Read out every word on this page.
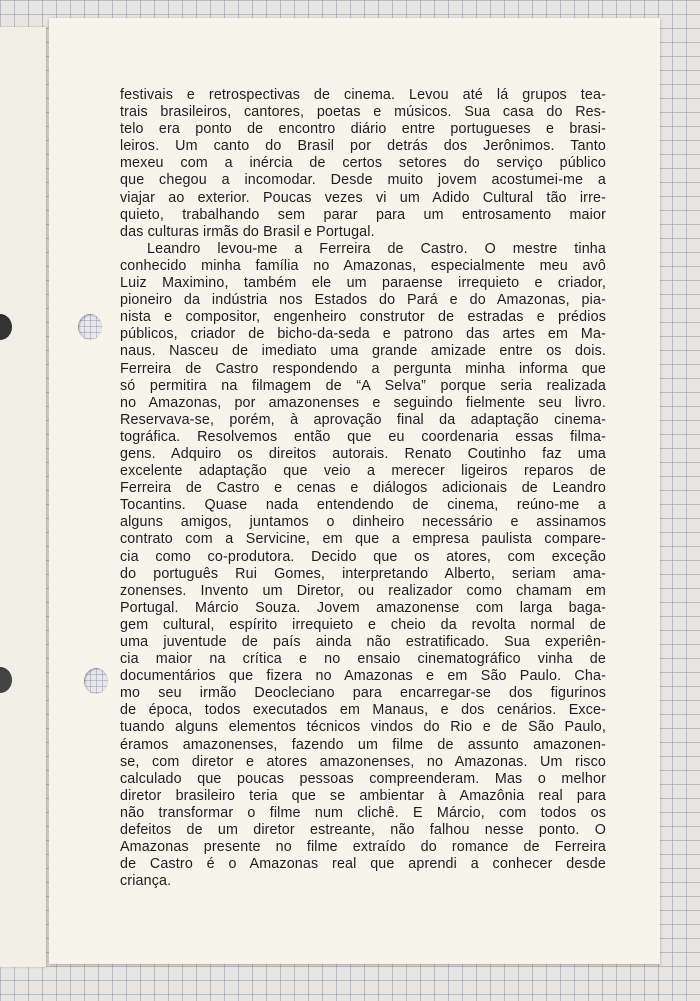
festivais e retrospectivas de cinema. Levou até lá grupos tea-
trais brasileiros, cantores, poetas e músicos. Sua casa do Res-
telo era ponto de encontro diário entre portugueses e brasi-
leiros. Um canto do Brasil por detrás dos Jerônimos. Tanto
mexeu com a inércia de certos setores do serviço público
que chegou a incomodar. Desde muito jovem acostumei-me a
viajar ao exterior. Poucas vezes vi um Adido Cultural tão irre-
quieto, trabalhando sem parar para um entrosamento maior
das culturas irmãs do Brasil e Portugal.

Leandro levou-me a Ferreira de Castro. O mestre tinha
conhecido minha família no Amazonas, especialmente meu avô
Luiz Maximino, também ele um paraense irrequieto e criador,
pioneiro da indústria nos Estados do Pará e do Amazonas, pia-
nista e compositor, engenheiro construtor de estradas e prédios
públicos, criador de bicho-da-seda e patrono das artes em Ma-
naus. Nasceu de imediato uma grande amizade entre os dois.
Ferreira de Castro respondendo a pergunta minha informa que
só permitira na filmagem de “A Selva” porque seria realizada
no Amazonas, por amazonenses e seguindo fielmente seu livro.
Reservava-se, porém, à aprovação final da adaptação cinema-
tográfica. Resolvemos então que eu coordenaria essas filma-
gens. Adquiro os direitos autorais. Renato Coutinho faz uma
excelente adaptação que veio a merecer ligeiros reparos de
Ferreira de Castro e cenas e diálogos adicionais de Leandro
Tocantins. Quase nada entendendo de cinema, reúno-me a
alguns amigos, juntamos o dinheiro necessário e assinamos
contrato com a Servicine, em que a empresa paulista compare-
cia como co-produtora. Decido que os atores, com exceção
do português Rui Gomes, interpretando Alberto, seriam ama-
zonenses. Invento um Diretor, ou realizador como chamam em
Portugal. Márcio Souza. Jovem amazonense com larga baga-
gem cultural, espírito irrequieto e cheio da revolta normal de
uma juventude de país ainda não estratificado. Sua experiên-
cia maior na crítica e no ensaio cinematográfico vinha de
documentários que fizera no Amazonas e em São Paulo. Cha-
mo seu irmão Deocleciano para encarregar-se dos figurinos
de época, todos executados em Manaus, e dos cenários. Exce-
tuando alguns elementos técnicos vindos do Rio e de São Paulo,
éramos amazonenses, fazendo um filme de assunto amazonen-
se, com diretor e atores amazonenses, no Amazonas. Um risco
calculado que poucas pessoas compreenderam. Mas o melhor
diretor brasileiro teria que se ambientar à Amazônia real para
não transformar o filme num clichê. E Márcio, com todos os
defeitos de um diretor estreante, não falhou nesse ponto. O
Amazonas presente no filme extraído do romance de Ferreira
de Castro é o Amazonas real que aprendi a conhecer desde
criança.
